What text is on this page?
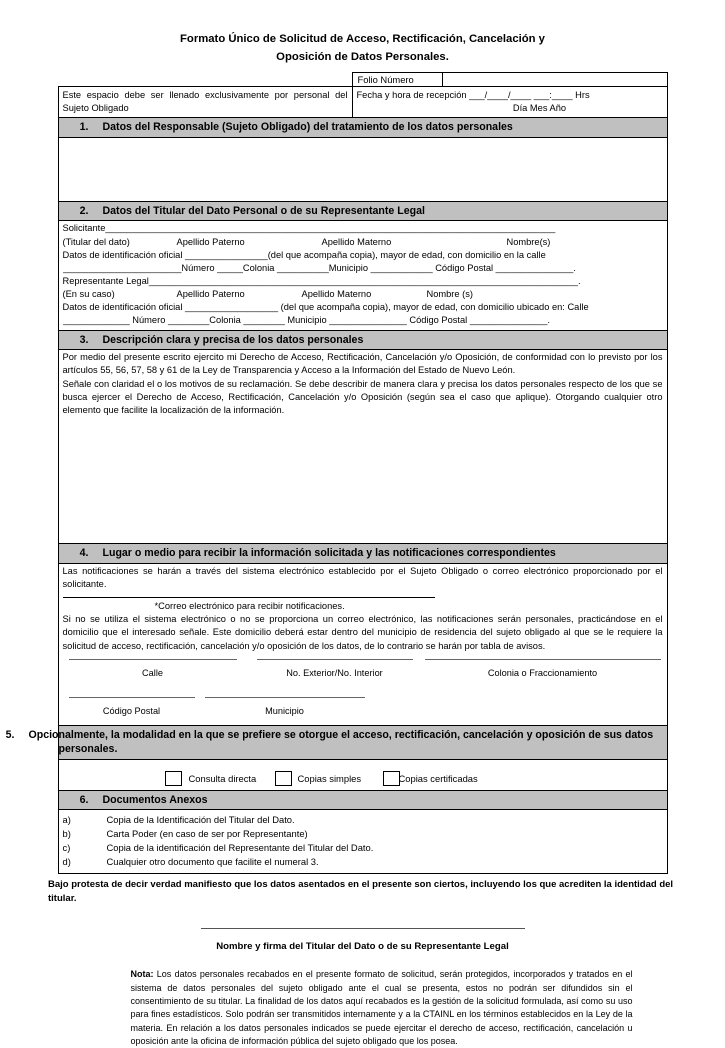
Formato Único de Solicitud de Acceso, Rectificación, Cancelación y
Oposición de Datos Personales.
	Folio Número	
Este espacio debe ser llenado exclusivamente por personal del Sujeto Obligado	
Fecha y hora de recepción ___/____/____ ___:____ Hrs
Día Mes Año

1. Datos del Responsable (Sujeto Obligado) del tratamiento de los datos personales

2. Datos del Titular del Dato Personal o de su Representante Legal

Solicitante_______________________________________________________________________________________
(Titular del dato)	Apellido Paterno	Apellido Materno	Nombre(s)
Datos de identificación oficial ________________(del que acompaña copia), mayor de edad, con domicilio en la calle
_______________________Número _____Colonia __________Municipio ____________ Código Postal _______________.
Representante Legal___________________________________________________________________________________.
(En su caso)	Apellido Paterno	Apellido Materno	Nombre (s)
Datos de identificación oficial __________________ (del que acompaña copia), mayor de edad, con domicilio ubicado en: Calle
_____________ Número ________Colonia ________ Municipio _______________ Código Postal _______________.

3. Descripción clara y precisa de los datos personales

Por medio del presente escrito ejercito mi Derecho de Acceso, Rectificación, Cancelación y/o Oposición, de conformidad con lo previsto por los artículos 55, 56, 57, 58 y 61 de la Ley de Transparencia y Acceso a la Información del Estado de Nuevo León.
Señale con claridad el o los motivos de su reclamación. Se debe describir de manera clara y precisa los datos personales respecto de los que se busca ejercer el Derecho de Acceso, Rectificación, Cancelación y/o Oposición (según sea el caso que aplique). Otorgando cualquier otro elemento que facilite la localización de la información.

4. Lugar o medio para recibir la información solicitada y las notificaciones correspondientes

Las notificaciones se harán a través del sistema electrónico establecido por el Sujeto Obligado o correo electrónico proporcionado por el solicitante.
*Correo electrónico para recibir notificaciones.
Si no se utiliza el sistema electrónico o no se proporciona un correo electrónico, las notificaciones serán personales, practicándose en el domicilio que el interesado señale. Este domicilio deberá estar dentro del municipio de residencia del sujeto obligado al que se le requiere la solicitud de acceso, rectificación, cancelación y/o oposición de los datos, de lo contrario se harán por tabla de avisos.
Calle	No. Exterior/No. Interior	Colonia o Fraccionamiento
Código Postal	Municipio

5. Opcionalmente, la modalidad en la que se prefiere se otorgue el acceso, rectificación, cancelación y oposición de sus datos personales.

Consulta directa	Copias simples	Copias certificadas

6. Documentos Anexos

a)	Copia de la Identificación del Titular del Dato.
b)	Carta Poder (en caso de ser por Representante)
c)	Copia de la identificación del Representante del Titular del Dato.
d)	Cualquier otro documento que facilite el numeral 3.
Bajo protesta de decir verdad manifiesto que los datos asentados en el presente son ciertos, incluyendo los que acrediten la identidad del titular.
Nombre y firma del Titular del Dato o de su Representante Legal
Nota: Los datos personales recabados en el presente formato de solicitud, serán protegidos, incorporados y tratados en el sistema de datos personales del sujeto obligado ante el cual se presenta, estos no podrán ser difundidos sin el consentimiento de su titular. La finalidad de los datos aquí recabados es la gestión de la solicitud formulada, así como su uso para fines estadísticos. Solo podrán ser transmitidos internamente y a la CTAINL en los términos establecidos en la Ley de la materia. En relación a los datos personales indicados se puede ejercitar el derecho de acceso, rectificación, cancelación u oposición ante la oficina de información pública del sujeto obligado que los posea.
